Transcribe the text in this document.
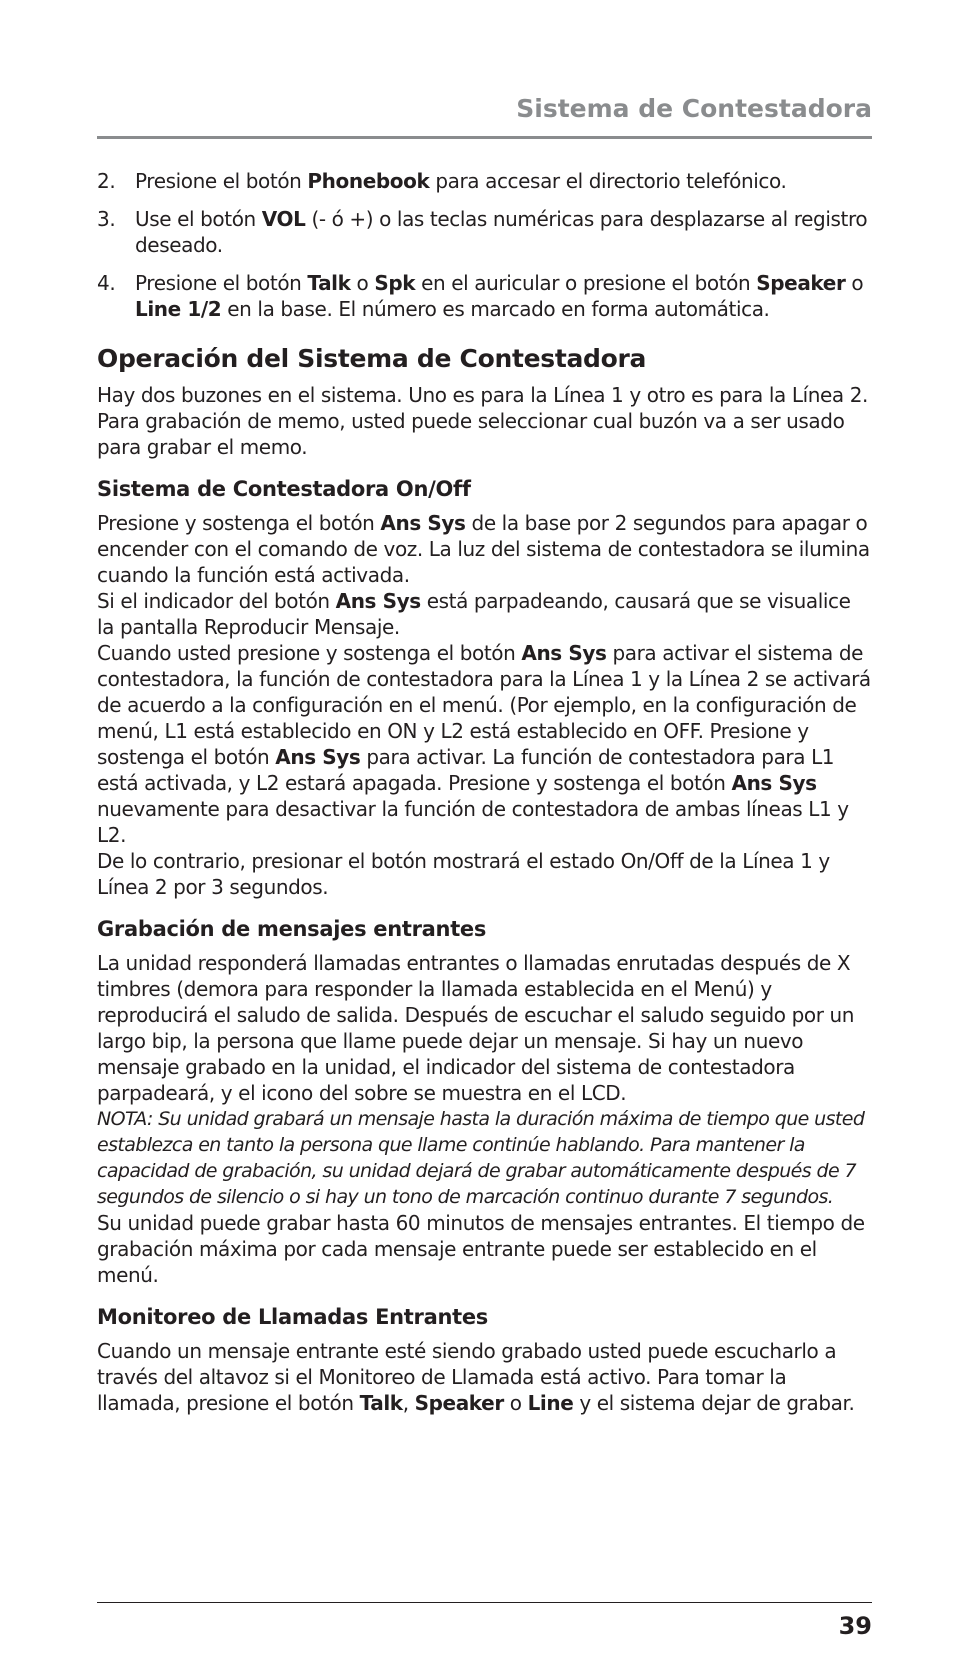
Sistema de Contestadora
2. Presione el botón Phonebook para accesar el directorio telefónico.

3. Use el botón VOL (- ó +) o las teclas numéricas para desplazarse al registro deseado.

4. Presione el botón Talk o Spk en el auricular o presione el botón Speaker o Line 1/2 en la base. El número es marcado en forma automática.

Operación del Sistema de Contestadora

Hay dos buzones en el sistema. Uno es para la Línea 1 y otro es para la Línea 2.

Para grabación de memo, usted puede seleccionar cual buzón va a ser usado para grabar el memo.

Sistema de Contestadora On/Off

Presione y sostenga el botón Ans Sys de la base por 2 segundos para apagar o encender con el comando de voz. La luz del sistema de contestadora se ilumina cuando la función está activada.

Si el indicador del botón Ans Sys está parpadeando, causará que se visualice la pantalla Reproducir Mensaje.

Cuando usted presione y sostenga el botón Ans Sys para activar el sistema de contestadora, la función de contestadora para la Línea 1 y la Línea 2 se activará de acuerdo a la configuración en el menú. (Por ejemplo, en la configuración de menú, L1 está establecido en ON y L2 está establecido en OFF. Presione y sostenga el botón Ans Sys para activar. La función de contestadora para L1 está activada, y L2 estará apagada. Presione y sostenga el botón Ans Sys nuevamente para desactivar la función de contestadora de ambas líneas L1 y L2.

De lo contrario, presionar el botón mostrará el estado On/Off de la Línea 1 y Línea 2 por 3 segundos.

Grabación de mensajes entrantes

La unidad responderá llamadas entrantes o llamadas enrutadas después de X timbres (demora para responder la llamada establecida en el Menú) y reproducirá el saludo de salida. Después de escuchar el saludo seguido por un largo bip, la persona que llame puede dejar un mensaje. Si hay un nuevo mensaje grabado en la unidad, el indicador del sistema de contestadora parpadeará, y el icono del sobre se muestra en el LCD.

NOTA: Su unidad grabará un mensaje hasta la duración máxima de tiempo que usted establezca en tanto la persona que llame continúe hablando. Para mantener la capacidad de grabación, su unidad dejará de grabar automáticamente después de 7 segundos de silencio o si hay un tono de marcación continuo durante 7 segundos.

Su unidad puede grabar hasta 60 minutos de mensajes entrantes. El tiempo de grabación máxima por cada mensaje entrante puede ser establecido en el menú.

Monitoreo de Llamadas Entrantes

Cuando un mensaje entrante esté siendo grabado usted puede escucharlo a través del altavoz si el Monitoreo de Llamada está activo. Para tomar la llamada, presione el botón Talk, Speaker o Line y el sistema dejar de grabar.

39
